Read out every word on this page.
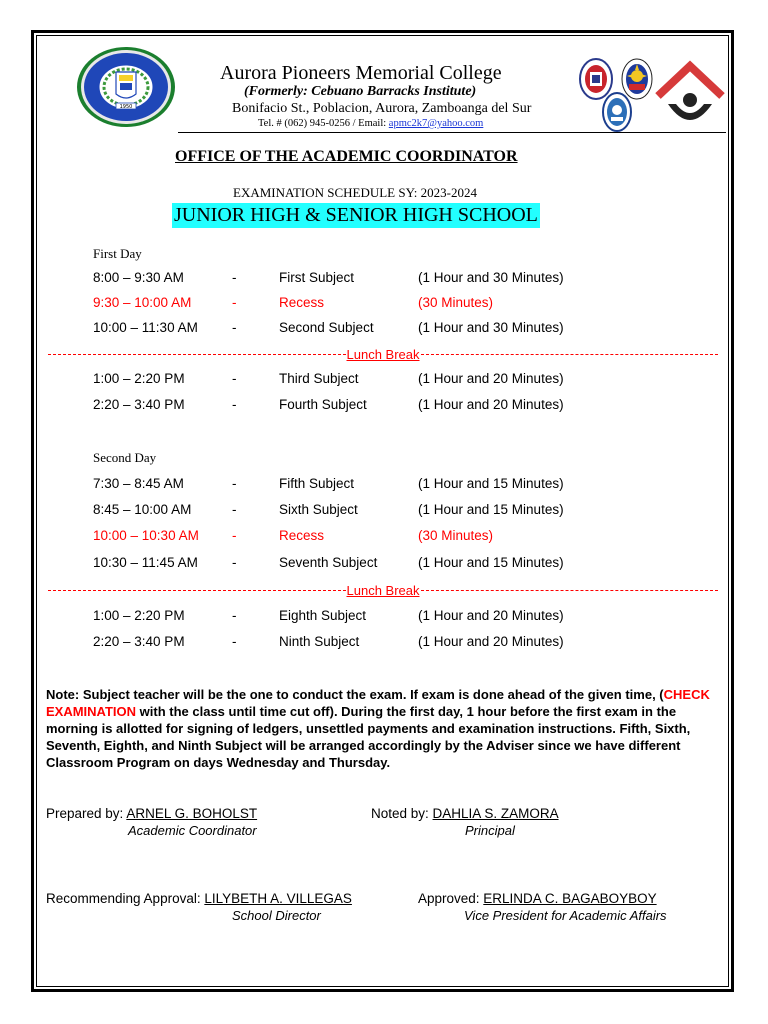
1950
Aurora Pioneers Memorial College
(Formerly: Cebuano Barracks Institute)
Bonifacio St., Poblacion, Aurora, Zamboanga del Sur
Tel. # (062) 945-0256 / Email: apmc2k7@yahoo.com
OFFICE OF THE ACADEMIC COORDINATOR
EXAMINATION SCHEDULE SY: 2023-2024
JUNIOR HIGH & SENIOR HIGH SCHOOL
First Day
8:00 – 9:30 AM	-	First Subject	(1 Hour and 30 Minutes)
9:30 – 10:00 AM	-	Recess	(30 Minutes)
10:00 – 11:30 AM	-	Second Subject	(1 Hour and 30 Minutes)
Lunch Break
1:00 – 2:20 PM	-	Third Subject	(1 Hour and 20 Minutes)
2:20 – 3:40 PM	-	Fourth Subject	(1 Hour and 20 Minutes)
Second Day
7:30 – 8:45 AM	-	Fifth Subject	(1 Hour and 15 Minutes)
8:45 – 10:00 AM	-	Sixth Subject	(1 Hour and 15 Minutes)
10:00 – 10:30 AM -	Recess	(30 Minutes)
10:30 – 11:45 AM	-	Seventh Subject	(1 Hour and 15 Minutes)
Lunch Break
1:00 – 2:20 PM	-	Eighth Subject	(1 Hour and 20 Minutes)
2:20 – 3:40 PM	-	Ninth Subject	(1 Hour and 20 Minutes)
Note: Subject teacher will be the one to conduct the exam. If exam is done ahead of the given time, (CHECK EXAMINATION with the class until time cut off). During the first day, 1 hour before the first exam in the morning is allotted for signing of ledgers, unsettled payments and examination instructions. Fifth, Sixth, Seventh, Eighth, and Ninth Subject will be arranged accordingly by the Adviser since we have different Classroom Program on days Wednesday and Thursday.
Prepared by: ARNEL G. BOHOLST
Academic Coordinator
Noted by: DAHLIA S. ZAMORA
Principal
Recommending Approval: LILYBETH A. VILLEGAS
School Director
Approved: ERLINDA C. BAGABOYBOY
Vice President for Academic Affairs
